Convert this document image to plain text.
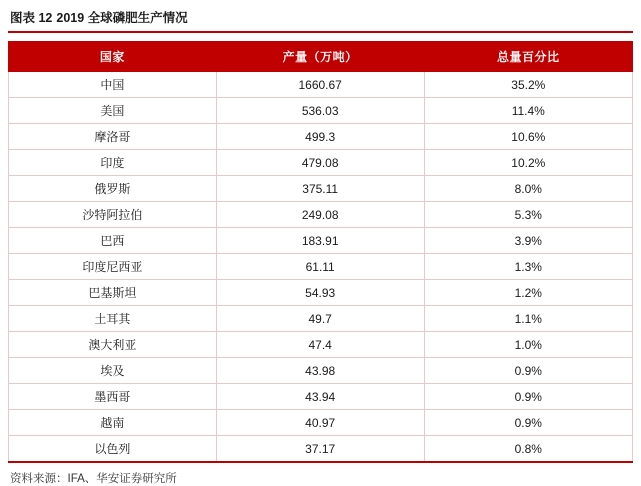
图表 12 2019 全球磷肥生产情况
国家	产量（万吨）	总量百分比
中国	1660.67	35.2%
美国	536.03	11.4%
摩洛哥	499.3	10.6%
印度	479.08	10.2%
俄罗斯	375.11	8.0%
沙特阿拉伯	249.08	5.3%
巴西	183.91	3.9%
印度尼西亚	61.11	1.3%
巴基斯坦	54.93	1.2%
土耳其	49.7	1.1%
澳大利亚	47.4	1.0%
埃及	43.98	0.9%
墨西哥	43.94	0.9%
越南	40.97	0.9%
以色列	37.17	0.8%
资料来源：IFA、华安证券研究所
